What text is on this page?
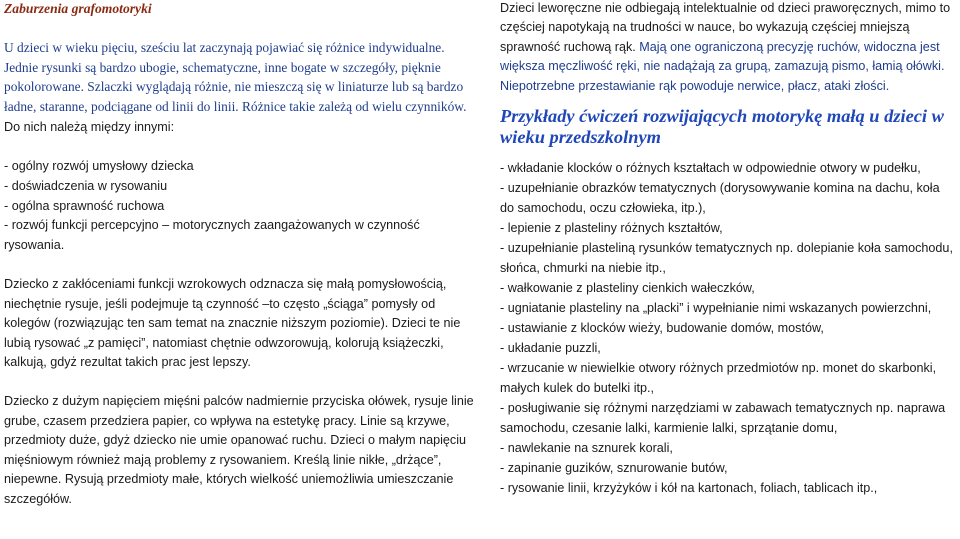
Zaburzenia grafomotoryki

U dzieci w wieku pięciu, sześciu lat zaczynają pojawiać się różnice indywidualne. Jednie rysunki są bardzo ubogie, schematyczne, inne bogate w szczegóły, pięknie pokolorowane. Szlaczki wyglądają różnie, nie mieszczą się w liniaturze lub są bardzo ładne, staranne, podciągane od linii do linii. Różnice takie zależą od wielu czynników. Do nich należą między innymi:

- ogólny rozwój umysłowy dziecka

- doświadczenia w rysowaniu

- ogólna sprawność ruchowa

- rozwój funkcji percepcyjno – motorycznych zaangażowanych w czynność rysowania.

Dziecko z zakłóceniami funkcji wzrokowych odznacza się małą pomysłowością, niechętnie rysuje, jeśli podejmuje tą czynność –to często „ściąga” pomysły od kolegów (rozwiązując ten sam temat na znacznie niższym poziomie). Dzieci te nie lubią rysować „z pamięci”, natomiast chętnie odwzorowują, kolorują książeczki, kalkują, gdyż rezultat takich prac jest lepszy.

Dziecko z dużym napięciem mięśni palców nadmiernie przyciska ołówek, rysuje linie grube, czasem przedziera papier, co wpływa na estetykę pracy. Linie są krzywe, przedmioty duże, gdyż dziecko nie umie opanować ruchu. Dzieci o małym napięciu mięśniowym również mają problemy z rysowaniem. Kreślą linie nikłe, „drżące”, niepewne. Rysują przedmioty małe, których wielkość uniemożliwia umieszczanie szczegółów.

Dzieci leworęczne nie odbiegają intelektualnie od dzieci praworęcznych, mimo to częściej napotykają na trudności w nauce, bo wykazują częściej mniejszą sprawność ruchową rąk. Mają one ograniczoną precyzję ruchów, widoczna jest większa męczliwość ręki, nie nadążają za grupą, zamazują pismo, łamią ołówki. Niepotrzebne przestawianie rąk powoduje nerwice, płacz, ataki złości.

Przykłady ćwiczeń rozwijających motorykę małą u dzieci w wieku przedszkolnym

- wkładanie klocków o różnych kształtach w odpowiednie otwory w pudełku,

- uzupełnianie obrazków tematycznych (dorysowywanie komina na dachu, koła do samochodu, oczu człowieka, itp.),

- lepienie z plasteliny różnych kształtów,

- uzupełnianie plasteliną rysunków tematycznych np. dolepianie koła samochodu, słońca, chmurki na niebie itp.,

- wałkowanie z plasteliny cienkich wałeczków,

- ugniatanie plasteliny na „placki” i wypełnianie nimi wskazanych powierzchni,

- ustawianie z klocków wieży, budowanie domów, mostów,

- układanie puzzli,

- wrzucanie w niewielkie otwory różnych przedmiotów np. monet do skarbonki, małych kulek do butelki itp.,

- posługiwanie się różnymi narzędziami w zabawach tematycznych np. naprawa samochodu, czesanie lalki, karmienie lalki, sprzątanie domu,

- nawlekanie na sznurek korali,

- zapinanie guzików, sznurowanie butów,

- rysowanie linii, krzyżyków i kół na kartonach, foliach, tablicach itp.,
